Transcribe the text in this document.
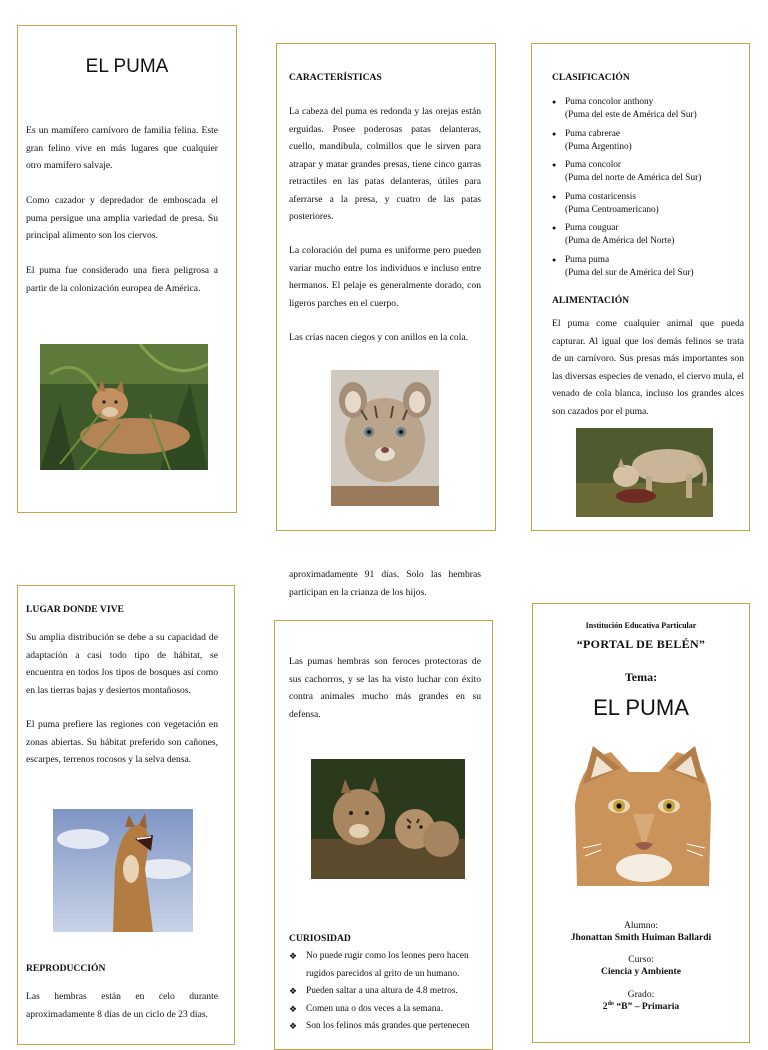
EL PUMA

Es un mamífero carnívoro de familia felina. Este gran felino vive en más lugares que cualquier otro mamífero salvaje.

Como cazador y depredador de emboscada el puma persigue una amplia variedad de presa. Su principal alimento son los ciervos.

El puma fue considerado una fiera peligrosa a partir de la colonización europea de América.

CARACTERÍSTICAS

La cabeza del puma es redonda y las orejas están erguidas. Posee poderosas patas delanteras, cuello, mandíbula, colmillos que le sirven para atrapar y matar grandes presas, tiene cinco garras retractiles en las patas delanteras, útiles para aferrarse a la presa, y cuatro de las patas posteriores.

La coloración del puma es uniforme pero pueden variar mucho entre los individuos e incluso entre hermanos. El pelaje es generalmente dorado, con ligeros parches en el cuerpo.

Las crías nacen ciegos y con anillos en la cola.

CLASIFICACIÓN
● Puma concolor anthony
(Puma del este de América del Sur)
● Puma cabrerae
(Puma Argentino)
● Puma concolor
(Puma del norte de América del Sur)
● Puma costaricensis
(Puma Centroamericano)
● Puma couguar
(Puma de América del Norte)
● Puma puma
(Puma del sur de América del Sur)
ALIMENTACIÓN

El puma come cualquier animal que pueda capturar. Al igual que los demás felinos se trata de un carnívoro. Sus presas más importantes son las diversas especies de venado, el ciervo mula, el venado de cola blanca, incluso los grandes alces son cazados por el puma.

LUGAR DONDE VIVE

Su amplia distribución se debe a su capacidad de adaptación a casi todo tipo de hábitat, se encuentra en todos los tipos de bosques así como en las tierras bajas y desiertos montañosos.

El puma prefiere las regiones con vegetación en zonas abiertas. Su hábitat preferido son cañones, escarpes, terrenos rocosos y la selva densa.

REPRODUCCIÓN

Las hembras están en celo durante aproximadamente 8 días de un ciclo de 23 días.

aproximadamente 91 días. Solo las hembras participan en la crianza de los hijos.

Las pumas hembras son feroces protectoras de sus cachorros, y se las ha visto luchar con éxito contra animales mucho más grandes en su defensa.

CURIOSIDAD
❖ No puede rugir como los leones pero hacen rugidos parecidos al grito de un humano.
❖ Pueden saltar a una altura de 4.8 metros.
❖ Comen una o dos veces a la semana.
❖ Son los felinos más grandes que pertenecen
Institución Educativa Particular
“PORTAL DE BELÉN”
Tema:
EL PUMA
Alumno:
Jhonattan Smith Huiman Ballardi
Curso:
Ciencia y Ambiente
Grado:
$2^{do}$ “B” – Primaria
